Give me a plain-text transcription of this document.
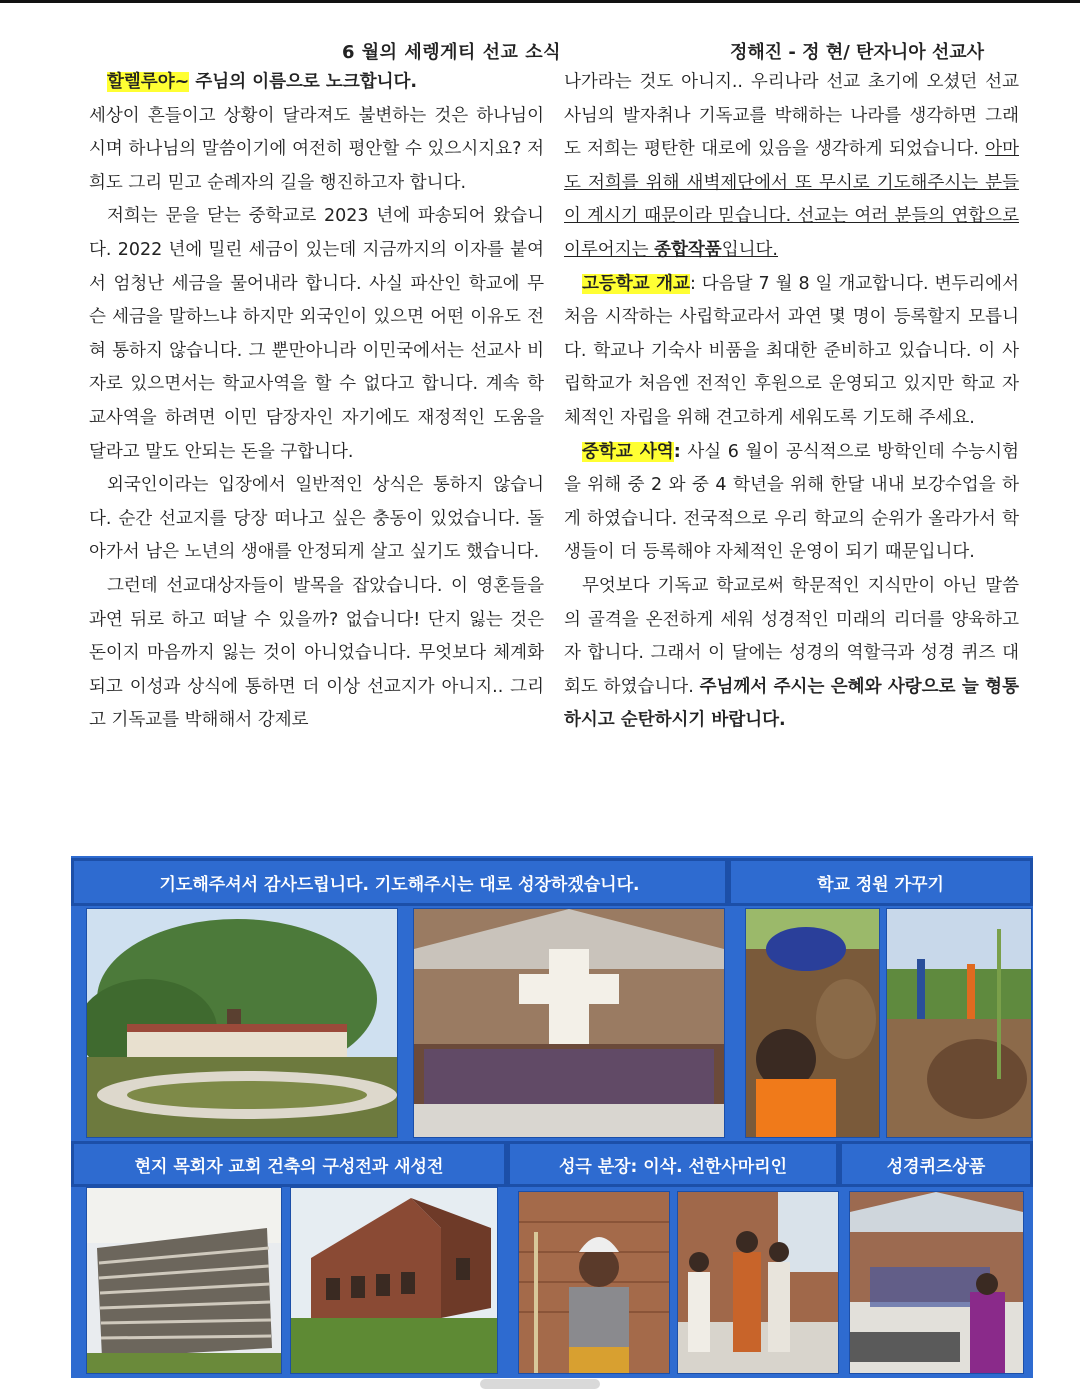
6 월의 세렝게티 선교 소식	정해진 - 정 현/ 탄자니아 선교사

할렐루야~ 주님의 이름으로 노크합니다.

세상이 흔들이고 상황이 달라져도 불변하는 것은 하나님이시며 하나님의 말씀이기에 여전히 평안할 수 있으시지요? 저희도 그리 믿고 순례자의 길을 행진하고자 합니다.

저희는 문을 닫는 중학교로 2023 년에 파송되어 왔습니다. 2022 년에 밀린 세금이 있는데 지금까지의 이자를 붙여서 엄청난 세금을 물어내라 합니다. 사실 파산인 학교에 무슨 세금을 말하느냐 하지만 외국인이 있으면 어떤 이유도 전혀 통하지 않습니다. 그 뿐만아니라 이민국에서는 선교사 비자로 있으면서는 학교사역을 할 수 없다고 합니다. 계속 학교사역을 하려면 이민 담장자인 자기에도 재정적인 도움을 달라고 말도 안되는 돈을 구합니다.

외국인이라는 입장에서 일반적인 상식은 통하지 않습니다. 순간 선교지를 당장 떠나고 싶은 충동이 있었습니다. 돌아가서 남은 노년의 생애를 안정되게 살고 싶기도 했습니다.

그런데 선교대상자들이 발목을 잡았습니다. 이 영혼들을 과연 뒤로 하고 떠날 수 있을까? 없습니다! 단지 잃는 것은 돈이지 마음까지 잃는 것이 아니었습니다. 무엇보다 체계화되고 이성과 상식에 통하면 더 이상 선교지가 아니지.. 그리고 기독교를 박해해서 강제로

나가라는 것도 아니지.. 우리나라 선교 초기에 오셨던 선교사님의 발자취나 기독교를 박해하는 나라를 생각하면 그래도 저희는 평탄한 대로에 있음을 생각하게 되었습니다. 아마도 저희를 위해 새벽제단에서 또 무시로 기도해주시는 분들이 계시기 때문이라 믿습니다. 선교는 여러 분들의 연합으로 이루어지는 종합작품입니다.

고등학교 개교: 다음달 7 월 8 일 개교합니다. 변두리에서 처음 시작하는 사립학교라서 과연 몇 명이 등록할지 모릅니다. 학교나 기숙사 비품을 최대한 준비하고 있습니다. 이 사립학교가 처음엔 전적인 후원으로 운영되고 있지만 학교 자체적인 자립을 위해 견고하게 세워도록 기도해 주세요.

중학교 사역: 사실 6 월이 공식적으로 방학인데 수능시험을 위해 중 2 와 중 4 학년을 위해 한달 내내 보강수업을 하게 하였습니다. 전국적으로 우리 학교의 순위가 올라가서 학생들이 더 등록해야 자체적인 운영이 되기 때문입니다.

무엇보다 기독교 학교로써 학문적인 지식만이 아닌 말씀의 골격을 온전하게 세워 성경적인 미래의 리더를 양육하고자 합니다. 그래서 이 달에는 성경의 역할극과 성경 퀴즈 대회도 하였습니다. 주님께서 주시는 은혜와 사랑으로 늘 형통하시고 순탄하시기 바랍니다.

기도해주셔서 감사드립니다. 기도해주시는 대로 성장하겠습니다.	학교 정원 가꾸기
현지 목회자 교회 건축의 구성전과 새성전	성극 분장: 이삭. 선한사마리인	성경퀴즈상품
